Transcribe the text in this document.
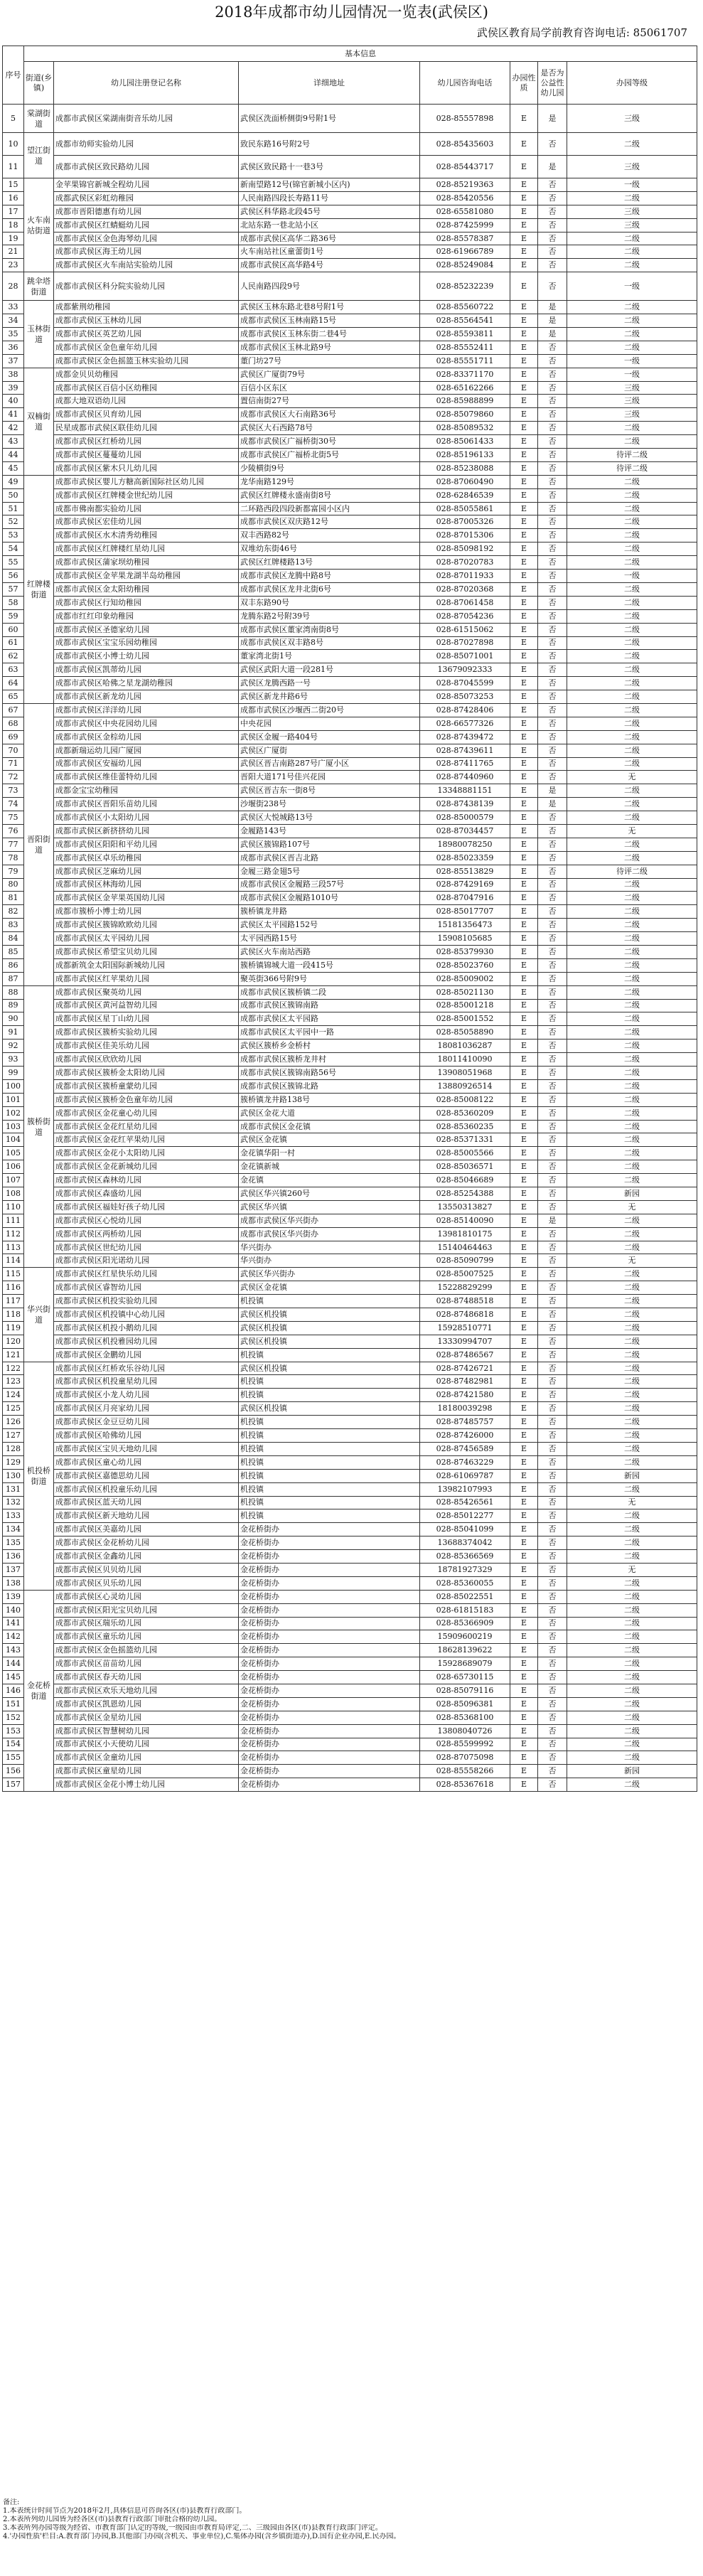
2018年成都市幼儿园情况一览表(武侯区)
武侯区教育局学前教育咨询电话: 85061707
序号	基本信息						
	街道(乡镇)	幼儿园注册登记名称	详细地址	幼儿园咨询电话	办园性质	是否为公益性幼儿园	办园等级
5	棠湖街道	成都市武侯区棠湖南街音乐幼儿园	武侯区洗面桥侧街9号附1号	028-85557898	E	是	三级
10	望江街道	成都市幼师实验幼儿园	致民东路16号附2号	028-85435603	E	否	二级
11		成都市武侯区致民路幼儿园	武侯区致民路十一巷3号	028-85443717	E	是	三级
15	火车南站街道	金苹果锦官新城全程幼儿园	新南望路12号(锦官新城小区内)	028-85219363	E	否	一级
16		成都武侯区彩虹幼稚园	人民南路四段长寿路11号	028-85420556	E	否	二级
17		成都市晋阳德惠有幼儿园	武侯区科华路北段45号	028-65581080	E	否	三级
18		成都市武侯区红蜻蜓幼儿园	北站东路一巷北站小区	028-87425999	E	否	三级
19		成都市武侯区金色海琴幼儿园	成都市武侯区高华二路36号	028-85578387	E	否	二级
21		成都市武侯区海王幼儿园	火车南站社区童蕾街1号	028-61966789	E	否	二级
23		成都市武侯区火车南站实验幼儿园	成都市武侯区高华路4号	028-85249084	E	否	二级
28	跳伞塔街道	成都市武侯区科分院实验幼儿园	人民南路四段9号	028-85232239	E	否	一级
33	玉林街道	成都紫荆幼稚园	武侯区玉林东路北巷8号附1号	028-85560722	E	是	二级
34		成都市武侯区玉林幼儿园	成都市武侯区玉林南路15号	028-85564541	E	是	二级
35		成都市武侯区英艺幼儿园	成都市武侯区玉林东街二巷4号	028-85593811	E	是	二级
36		成都市武侯区金色童年幼儿园	成都市武侯区玉林北路9号	028-85552411	E	否	二级
37		成都市武侯区金色摇篮玉林实验幼儿园	董门坊27号	028-85551711	E	否	一级
38	双楠街道	成都金贝贝幼稚园	武侯区广厦街79号	028-83371170	E	否	一级
39		成都市武侯区百信小区幼稚园	百信小区东区	028-65162266	E	否	三级
40		成都大地双语幼儿园	置信南街27号	028-85988899	E	否	三级
41		成都市武侯区贝育幼儿园	成都市武侯区大石南路36号	028-85079860	E	否	三级
42		民星成都市武侯区联佳幼儿园	武侯区大石西路78号	028-85089532	E	否	二级
43		成都市武侯区红桥幼儿园	成都市武侯区广福桥街30号	028-85061433	E	否	二级
44		成都市武侯区蔓蔓幼儿园	成都市武侯区广福桥北街5号	028-85196133	E	否	待评二级
45		成都市武侯区紫木只儿幼儿园	少陵横街9号	028-85238088	E	否	待评二级
49	红牌楼街道	成都市武侯区婴儿方糖高新国际社区幼儿园	龙华南路129号	028-87060490	E	否	二级
50		成都市武侯区红牌楼金世纪幼儿园	武侯区红牌楼永盛南街8号	028-62846539	E	否	二级
51		成都市佛南都实验幼儿园	二环路西段四段新都富园小区内	028-85055861	E	否	二级
52		成都市武侯区宏佳幼儿园	成都市武侯区双庆路12号	028-87005326	E	否	二级
53		成都市武侯区水木清秀幼稚园	双丰西路82号	028-87015306	E	否	二级
54		成都市武侯区红牌楼红星幼儿园	双堆幼东街46号	028-85098192	E	否	二级
55		成都市武侯区蒲家坝幼稚园	武侯区红牌楼路13号	028-87020783	E	否	二级
56		成都市武侯区金苹果龙湖半岛幼稚园	成都市武侯区龙腾中路8号	028-87011933	E	否	一级
57		成都市武侯区金太阳幼稚园	成都市武侯区龙井北街6号	028-87020368	E	否	二级
58		成都市武侯区行知幼稚园	双丰东路90号	028-87061458	E	否	二级
59		成都市红红印象幼稚园	龙腾东路2号附39号	028-87054236	E	否	二级
60		成都市武侯区圣德家幼儿园	成都市武侯区董家湾南街8号	028-61515062	E	否	二级
61		成都市武侯区宝宝乐园幼稚园	成都市武侯区双丰路8号	028-87027898	E	否	二级
62		成都市武侯区小博士幼儿园	董家湾北街1号	028-85071001	E	否	二级
63		成都市武侯区凯蒂幼儿园	武侯区武阳大道一段281号	13679092333	E	否	二级
64		成都市武侯区哈佛之星龙湖幼稚园	武侯区龙腾西路一号	028-87045599	E	否	二级
65		成都市武侯区新龙幼儿园	武侯区新龙井路6号	028-85073253	E	否	二级
67	晋阳街道	成都市武侯区洋洋幼儿园	成都市武侯区沙堰西二街20号	028-87428406	E	否	二级
68		成都市武侯区中央花园幼儿园	中央花园	028-66577326	E	否	二级
69		成都市武侯区金棕幼儿园	武侯区金履一路404号	028-87439472	E	否	二级
70		成都新瑞运幼儿园广厦园	武侯区广厦街	028-87439611	E	否	二级
71		成都市武侯区安福幼儿园	武侯区晋吉南路287号广厦小区	028-87411765	E	否	二级
72		成都市武侯区维佳蕾特幼儿园	晋阳大道171号佳兴花园	028-87440960	E	否	无
73		成都金宝宝幼稚园	武侯区晋吉东一街8号	13348881151	E	是	二级
74		成都市武侯区晋阳乐苗幼儿园	沙堰街238号	028-87438139	E	是	二级
75		成都市武侯区小太阳幼儿园	武侯区大悦城路13号	028-85000579	E	否	二级
76		成都市武侯区新挤挤幼儿园	金履路143号	028-87034457	E	否	无
77		成都市武侯区阳阳和平幼儿园	武侯区簇锦路107号	18980078250	E	否	二级
78		成都市武侯区卓乐幼稚园	成都市武侯区晋吉北路	028-85023359	E	否	二级
79		成都市武侯区芝麻幼儿园	金履三路金翅5号	028-85513829	E	否	待评二级
80		成都市武侯区林海幼儿园	成都市武侯区金履路三段57号	028-87429169	E	否	二级
81		成都市武侯区金苹果英国幼儿园	成都市武侯区金履路1010号	028-87047916	E	否	二级
82		成都市簇桥小博士幼儿园	簇桥镇龙井路	028-85017707	E	否	二级
83		成都市武侯区簇锦欧欧幼儿园	武侯区太平园路152号	15181356473	E	否	二级
84		成都市武侯区太平园幼儿园	太平园西路15号	15908105685	E	否	二级
85		成都市武侯区希望宝贝幼儿园	武侯区火车南站西路	028-85379930	E	否	二级
86		成都新筑金太阳国际新城幼儿园	簇桥镇锦城大道一段415号	028-85023760	E	否	二级
87		成都市武侯区红苹果幼儿园	聚英街366号附9号	028-85009002	E	否	二级
88	簇桥街道	成都市武侯区聚英幼儿园	成都市武侯区簇桥镇二段	028-85021130	E	否	二级
89		成都市武侯区黄河益智幼儿园	成都市武侯区簇锦南路	028-85001218	E	否	二级
90		成都市武侯区星丁山幼儿园	成都市武侯区太平园路	028-85001552	E	否	二级
91		成都市武侯区簇桥实验幼儿园	成都市武侯区太平园中一路	028-85058890	E	否	二级
92		成都市武侯区佳美乐幼儿园	武侯区簇桥乡金桥村	18081036287	E	否	二级
93		成都市武侯区欣欣幼儿园	成都市武侯区簇桥龙井村	18011410090	E	否	二级
99		成都市武侯区簇桥金太阳幼儿园	成都市武侯区簇锦南路56号	13908051968	E	否	二级
100		成都市武侯区簇桥童蒙幼儿园	成都市武侯区簇锦北路	13880926514	E	否	二级
101		成都市武侯区簇桥金色童年幼儿园	簇桥镇龙井路138号	028-85008122	E	否	二级
102		成都市武侯区金花童心幼儿园	武侯区金花大道	028-85360209	E	否	二级
103		成都市武侯区金花红星幼儿园	成都市武侯区金花镇	028-85360235	E	否	二级
104		成都市武侯区金花红苹果幼儿园	武侯区金花镇	028-85371331	E	否	二级
105		成都市武侯区金花小太阳幼儿园	金花镇华阳一村	028-85005566	E	否	二级
106		成都市武侯区金花新城幼儿园	金花镇新城	028-85036571	E	否	二级
107		成都市武侯区森林幼儿园	金花镇	028-85046689	E	否	二级
108		成都市武侯区森盛幼儿园	武侯区华兴镇260号	028-85254388	E	否	新园
110		成都市武侯区福娃好孩子幼儿园	武侯区华兴镇	13550313827	E	否	无
111		成都市武侯区心悦幼儿园	成都市武侯区华兴街办	028-85140090	E	是	二级
112		成都市武侯区两桥幼儿园	成都市武侯区华兴街办	13981810175	E	否	二级
113		成都市武侯区世纪幼儿园	华兴街办	15140464463	E	否	二级
114		成都市武侯区阳光诺幼儿园	华兴街办	028-85090799	E	否	无
115	华兴街道	成都市武侯区红星快乐幼儿园	武侯区华兴街办	028-85007525	E	否	二级
116		成都市武侯区睿智幼儿园	武侯区金花镇	15228829299	E	否	二级
117		成都市武侯区机投实验幼儿园	机投镇	028-87488518	E	否	二级
118		成都市武侯区机投镇中心幼儿园	武侯区机投镇	028-87486818	E	否	二级
119		成都市武侯区机投小鹅幼儿园	武侯区机投镇	15928510771	E	否	二级
120		成都市武侯区机投雅园幼儿园	武侯区机投镇	13330994707	E	否	二级
121		成都市武侯区金鹏幼儿园	机投镇	028-87486567	E	否	二级
122	机投桥街道	成都市武侯区红桥欢乐谷幼儿园	武侯区机投镇	028-87426721	E	否	二级
123		成都市武侯区机投童星幼儿园	机投镇	028-87482981	E	否	二级
124		成都市武侯区小龙人幼儿园	机投镇	028-87421580	E	否	二级
125		成都市武侯区月亮家幼儿园	武侯区机投镇	18180039298	E	否	二级
126		成都市武侯区金豆豆幼儿园	机投镇	028-87485757	E	否	二级
127		成都市武侯区哈佛幼儿园	机投镇	028-87426000	E	否	二级
128		成都市武侯区宝贝天地幼儿园	机投镇	028-87456589	E	否	二级
129		成都市武侯区童心幼儿园	机投镇	028-87463229	E	否	二级
130		成都市武侯区嘉德思幼儿园	机投镇	028-61069787	E	否	新园
131		成都市武侯区机投童乐幼儿园	机投镇	13982107993	E	否	二级
132		成都市武侯区蓝天幼儿园	机投镇	028-85426561	E	否	无
133		成都市武侯区新天地幼儿园	机投镇	028-85012277	E	否	二级
134		成都市武侯区美嘉幼儿园	金花桥街办	028-85041099	E	否	二级
135		成都市武侯区金花桥幼儿园	金花桥街办	13688374042	E	否	二级
136		成都市武侯区金鑫幼儿园	金花桥街办	028-85366569	E	否	二级
137		成都市武侯区贝贝幼儿园	金花桥街办	18781927329	E	否	无
138		成都市武侯区贝乐幼儿园	金花桥街办	028-85360055	E	否	二级
139	金花桥街道	成都市武侯区心灵幼儿园	金花桥街办	028-85022551	E	否	二级
140		成都市武侯区阳光宝贝幼儿园	金花桥街办	028-61815183	E	否	二级
141		成都市武侯区瑞乐幼儿园	金花桥街办	028-85366909	E	否	二级
142		成都市武侯区童乐幼儿园	金花桥街办	15909600219	E	否	二级
143		成都市武侯区金色摇篮幼儿园	金花桥街办	18628139622	E	否	二级
144		成都市武侯区苗苗幼儿园	金花桥街办	15928689079	E	否	二级
145		成都市武侯区春天幼儿园	金花桥街办	028-65730115	E	否	二级
146		成都市武侯区欢乐天地幼儿园	金花桥街办	028-85079116	E	否	二级
151		成都市武侯区凯恩幼儿园	金花桥街办	028-85096381	E	否	二级
152		成都市武侯区金星幼儿园	金花桥街办	028-85368100	E	否	二级
153		成都市武侯区智慧树幼儿园	金花桥街办	13808040726	E	否	二级
154		成都市武侯区小天使幼儿园	金花桥街办	028-85599992	E	否	二级
155		成都市武侯区金童幼儿园	金花桥街办	028-87075098	E	否	二级
156		成都市武侯区童星幼儿园	金花桥街办	028-85558266	E	否	新园
157		成都市武侯区金花小博士幼儿园	金花桥街办	028-85367618	E	否	二级
备注:
1.本表统计时间节点为2018年2月,具体信息可咨询各区(市)县教育行政部门。
2.本表所列幼儿园皆为经各区(市)县教育行政部门审批合格的幼儿园。
3.本表所列办园等级为经省、市教育部门认定的等级,一级园由市教育局评定,二、三级园由各区(市)县教育行政部门评定。
4.'办园性质'栏目:A.教育部门办园,B.其他部门办园(含机关、事业单位),C.集体办园(含乡镇街道办),D.国有企业办园,E.民办园。
